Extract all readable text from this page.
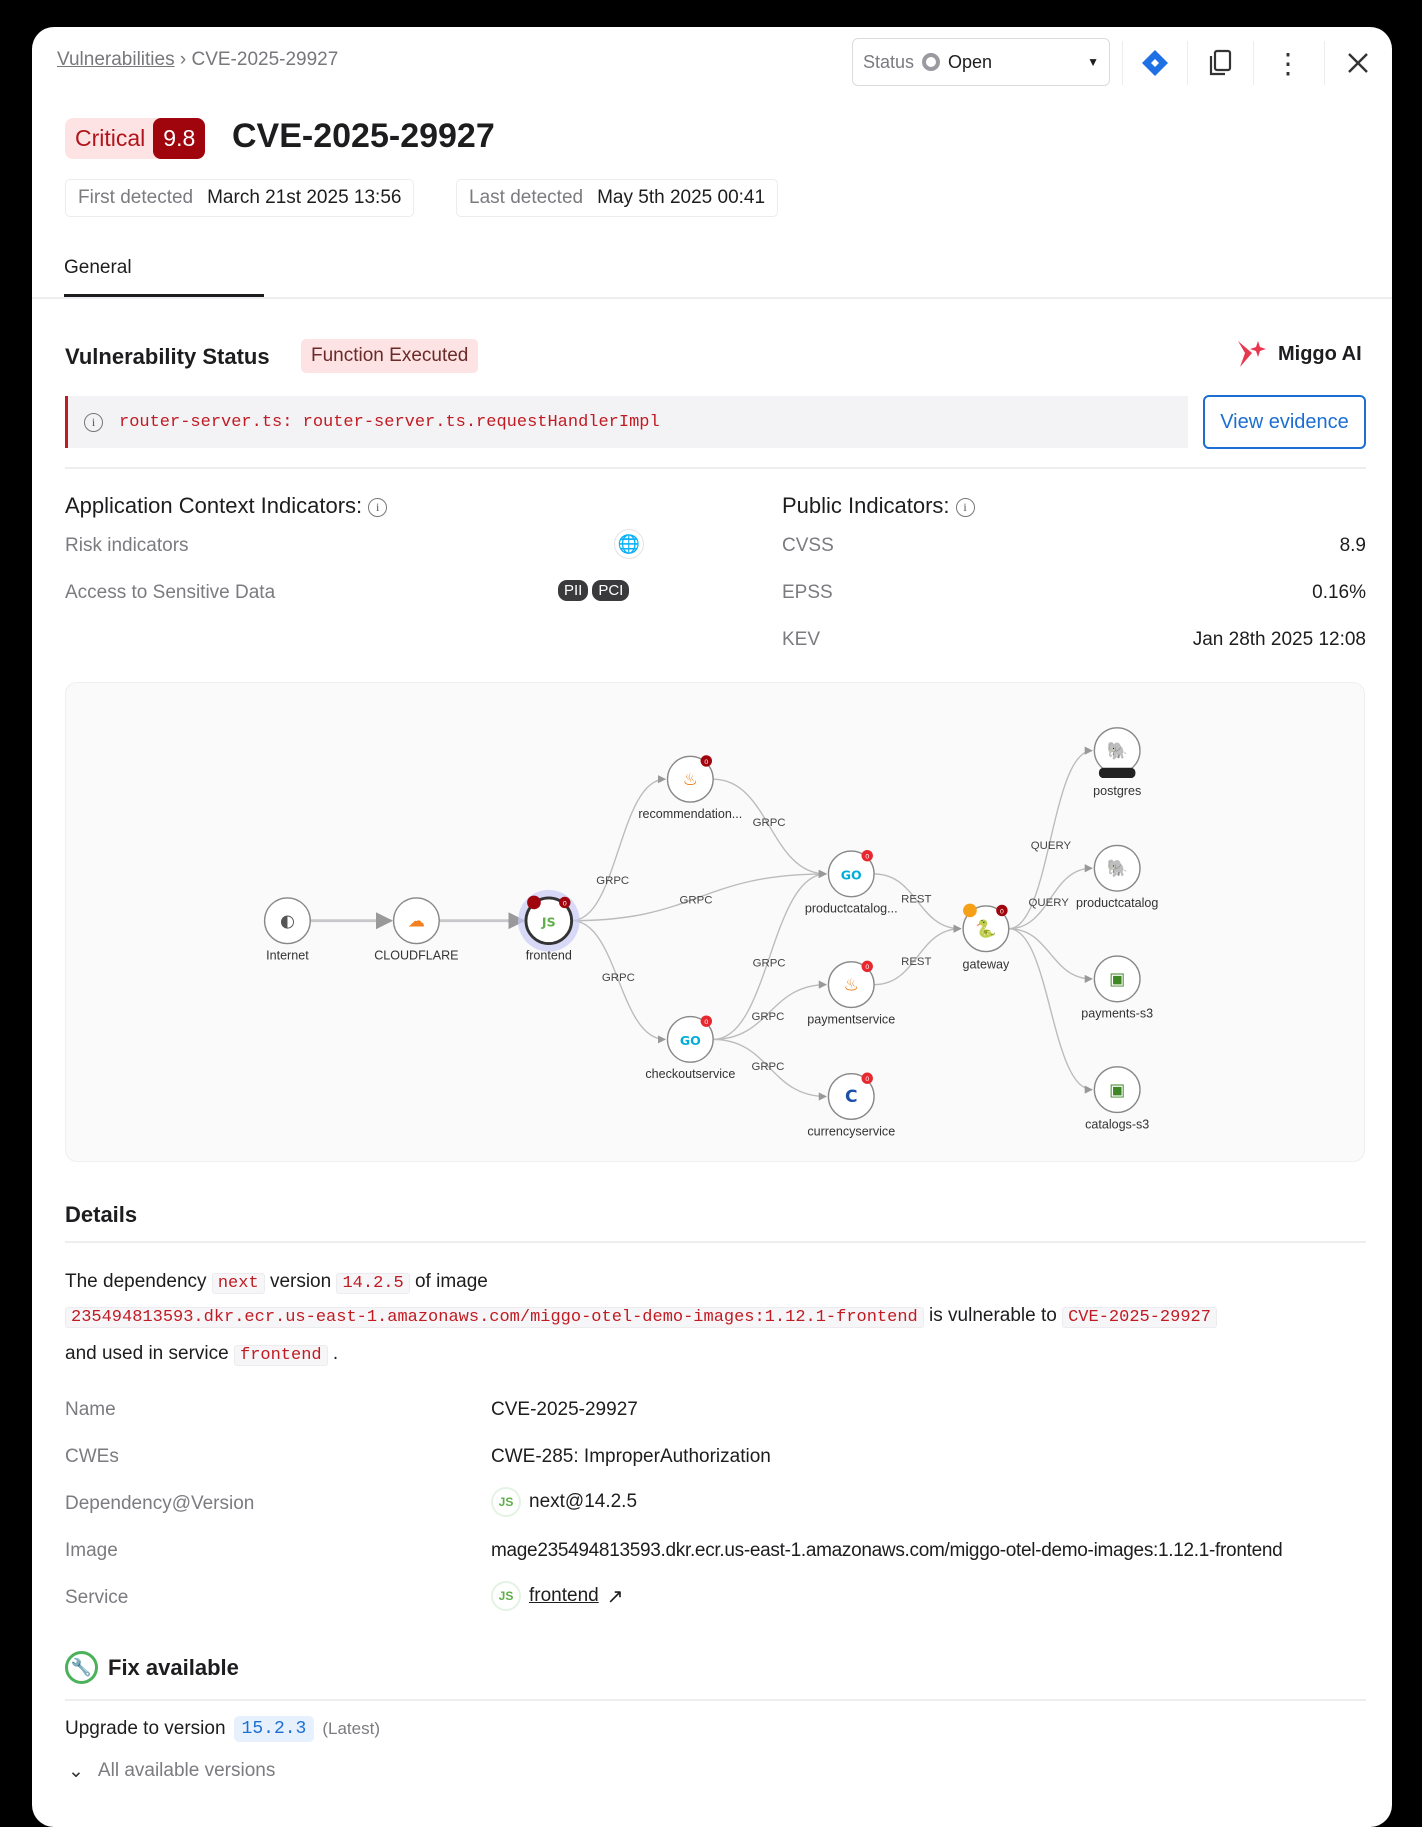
Vulnerabilities › CVE-2025-29927	Status Open	▼	⋮
Critical 9.8 CVE-2025-29927
First detected March 21st 2025 13:56	Last detected May 5th 2025 00:41
General
Vulnerability Status	Function Executed	Miggo AI
i	router-server.ts: router-server.ts.requestHandlerImpl	View evidence
Application Context Indicators: i
Risk indicators	🌐
Access to Sensitive Data	PII PCI
Public Indicators: i
CVSS	8.9
EPSS	0.16%
KEV	Jan 28th 2025 12:08
GRPC
GRPC
GRPC
GRPC
GRPC
GRPC
GRPC
REST
REST
QUERY
QUERY
◐
Internet
☁
CLOUDFLARE
JS
0
frontend
♨
0
recommendation...
GO
0
productcatalog...
GO
0
checkoutservice
♨
0
paymentservice
C
0
currencyservice
🐍
0
gateway
🐘
postgres
🐘
productcatalog
▣
payments-s3
▣
catalogs-s3
Details
The dependency next version 14.2.5 of image
235494813593.dkr.ecr.us-east-1.amazonaws.com/miggo-otel-demo-images:1.12.1-frontend is vulnerable to CVE-2025-29927
and used in service frontend .
Name	CVE-2025-29927
CWEs	CWE-285: ImproperAuthorization
Dependency@Version	JS next@14.2.5
Image	mage235494813593.dkr.ecr.us-east-1.amazonaws.com/miggo-otel-demo-images:1.12.1-frontend
Service	JS frontend ↗
🔧 Fix available
Upgrade to version 15.2.3 (Latest)
⌄ All available versions
